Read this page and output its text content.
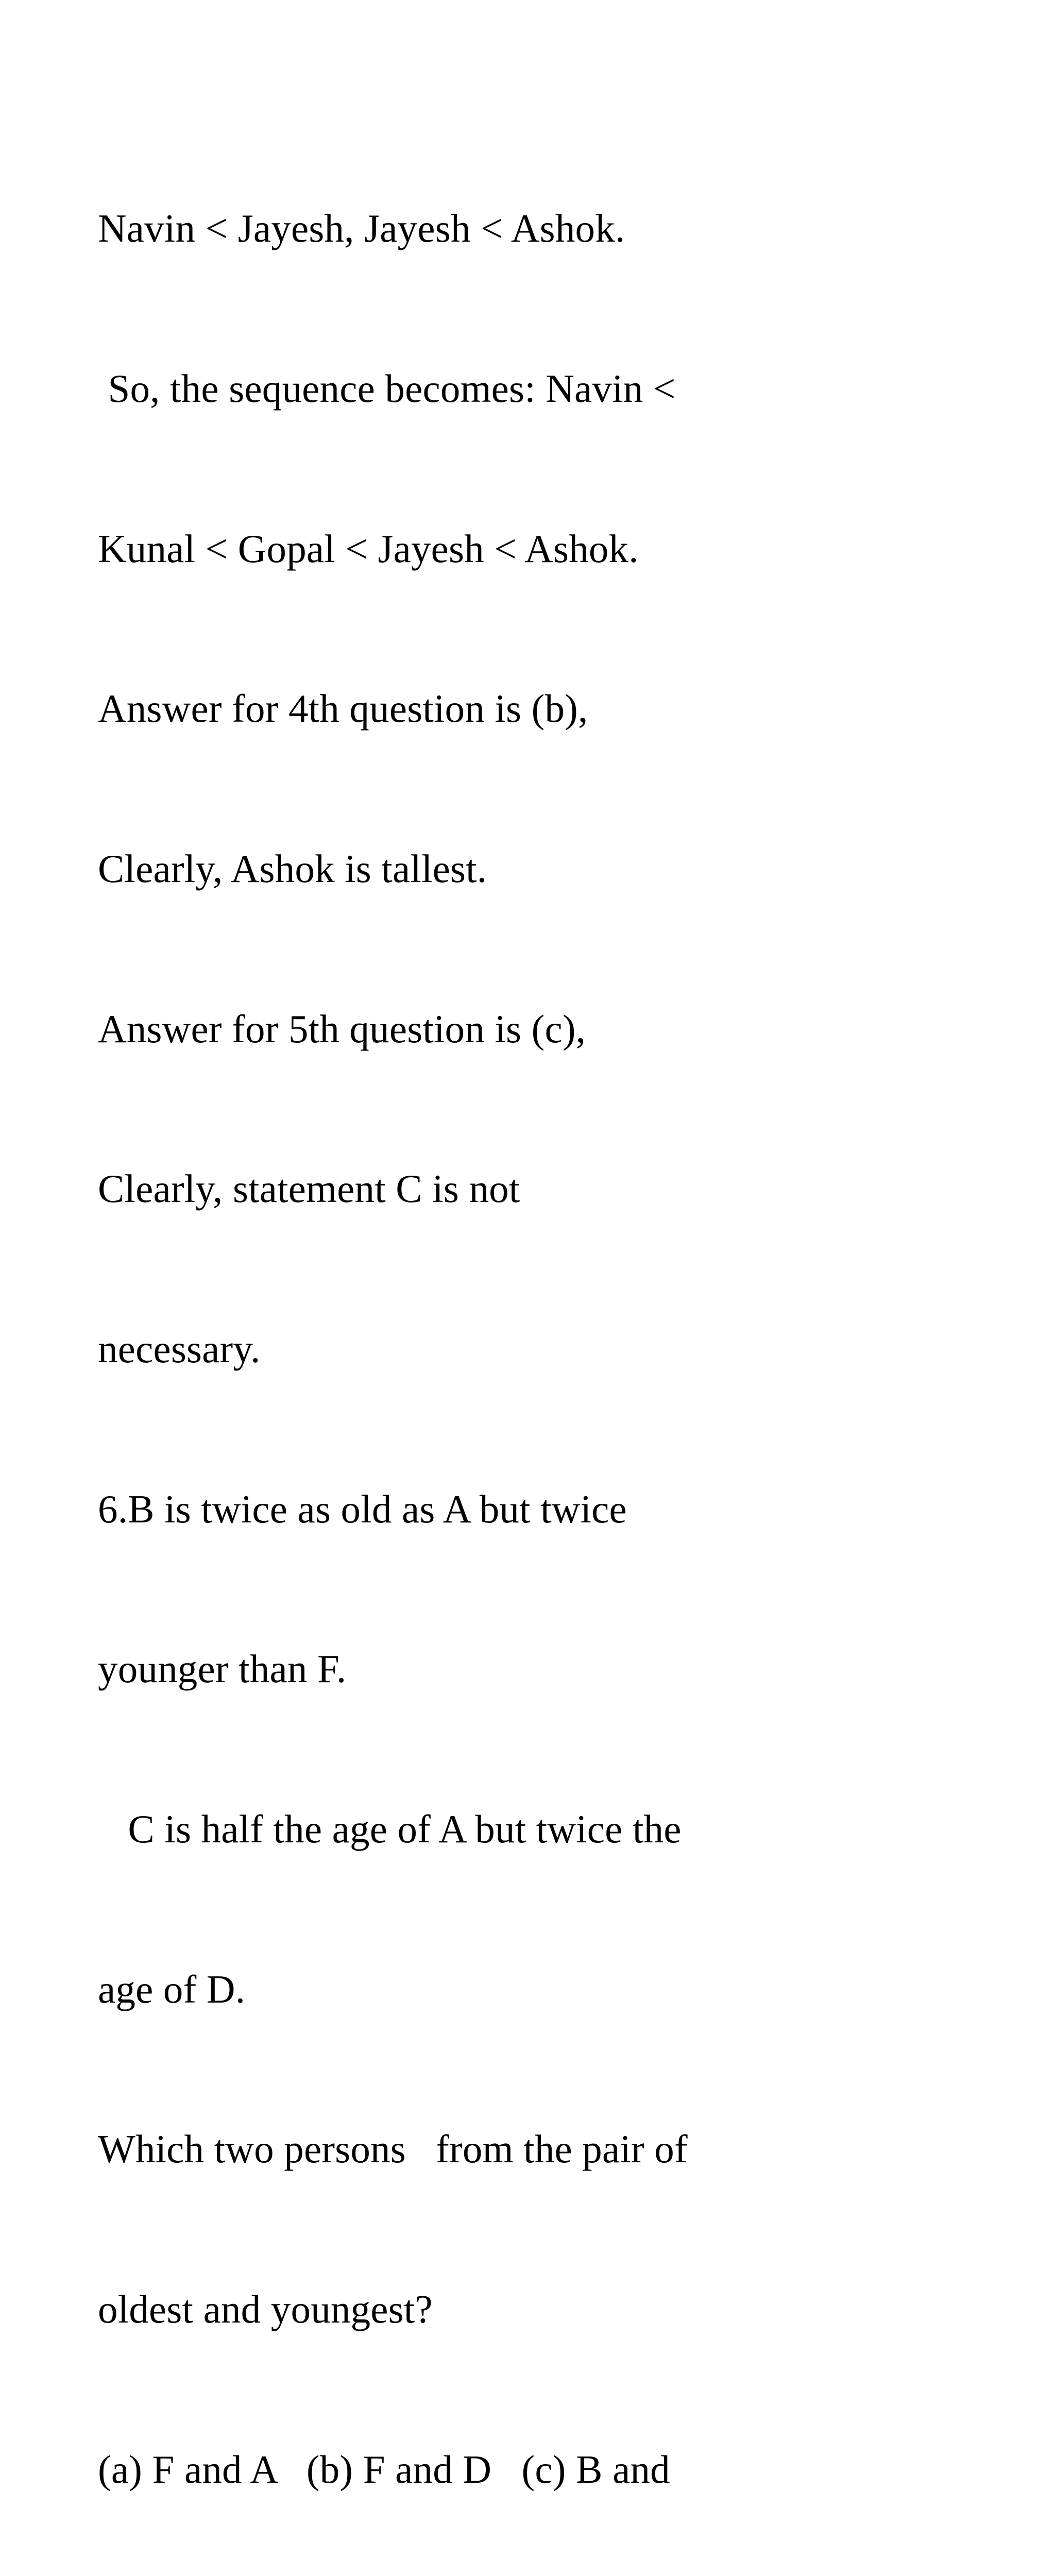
Navin < Jayesh, Jayesh < Ashok.

So, the sequence becomes: Navin <

Kunal < Gopal < Jayesh < Ashok.

Answer for 4th question is (b),

Clearly, Ashok is tallest.

Answer for 5th question is (c),

Clearly, statement C is not

necessary.

6.B is twice as old as A but twice

younger than F.

C is half the age of A but twice the

age of D.

Which two persons   from the pair of

oldest and youngest?

(a) F and A   (b) F and D   (c) B and
